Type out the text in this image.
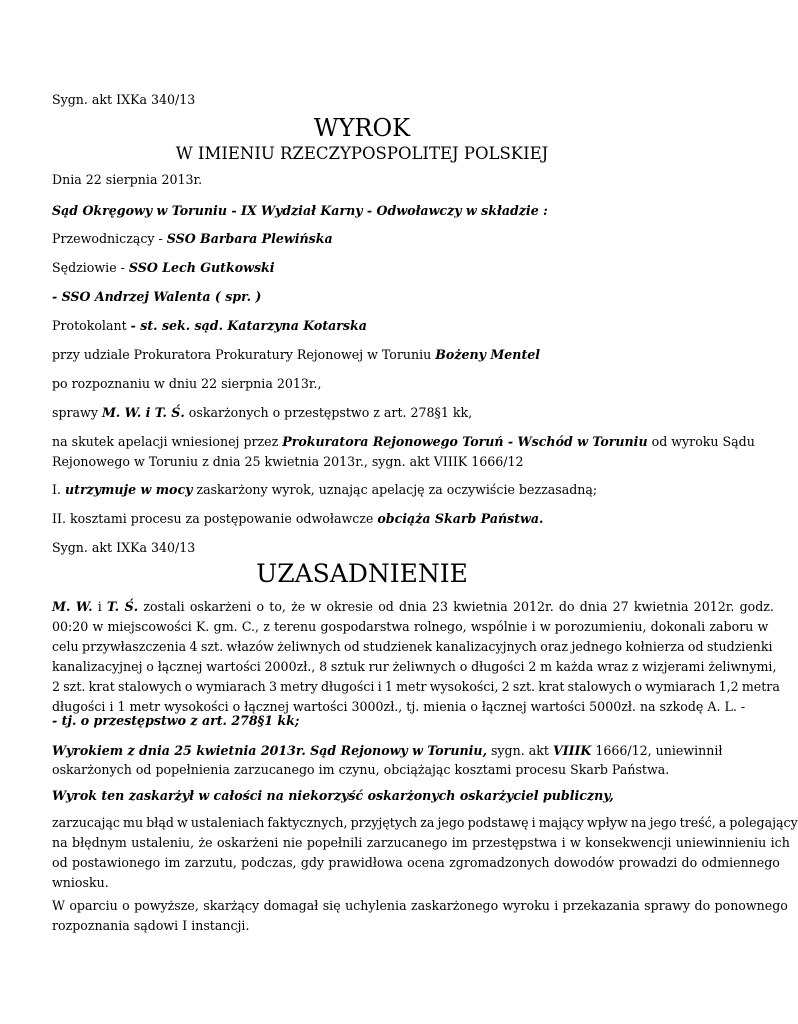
Sygn. akt IXKa 340/13
WYROK
W IMIENIU RZECZYPOSPOLITEJ POLSKIEJ
Dnia 22 sierpnia 2013r.
Sąd Okręgowy w Toruniu - IX Wydział Karny - Odwoławczy w składzie :
Przewodniczący - SSO Barbara Plewińska
Sędziowie - SSO Lech Gutkowski
- SSO Andrzej Walenta ( spr. )
Protokolant - st. sek. sąd. Katarzyna Kotarska
przy udziale Prokuratora Prokuratury Rejonowej w Toruniu Bożeny Mentel
po rozpoznaniu w dniu 22 sierpnia 2013r.,
sprawy M. W. i T. Ś. oskarżonych o przestępstwo z art. 278§1 kk,
na skutek apelacji wniesionej przez Prokuratora Rejonowego Toruń - Wschód w Toruniu od wyroku Sądu
Rejonowego w Toruniu z dnia 25 kwietnia 2013r., sygn. akt VIIIK 1666/12
I. utrzymuje w mocy zaskarżony wyrok, uznając apelację za oczywiście bezzasadną;
II. kosztami procesu za postępowanie odwoławcze obciąża Skarb Państwa.
Sygn. akt IXKa 340/13
UZASADNIENIE
M. W. i T. Ś. zostali oskarżeni o to, że w okresie od dnia 23 kwietnia 2012r. do dnia 27 kwietnia 2012r. godz.
00:20 w miejscowości K. gm. C., z terenu gospodarstwa rolnego, wspólnie i w porozumieniu, dokonali zaboru w
celu przywłaszczenia 4 szt. włazów żeliwnych od studzienek kanalizacyjnych oraz jednego kołnierza od studzienki
kanalizacyjnej o łącznej wartości 2000zł., 8 sztuk rur żeliwnych o długości 2 m każda wraz z wizjerami żeliwnymi,
2 szt. krat stalowych o wymiarach 3 metry długości i 1 metr wysokości, 2 szt. krat stalowych o wymiarach 1,2 metra
długości i 1 metr wysokości o łącznej wartości 3000zł., tj. mienia o łącznej wartości 5000zł. na szkodę A. L. -
- tj. o przestępstwo z art. 278§1 kk;
Wyrokiem z dnia 25 kwietnia 2013r. Sąd Rejonowy w Toruniu, sygn. akt VIIIK 1666/12, uniewinnił
oskarżonych od popełnienia zarzucanego im czynu, obciążając kosztami procesu Skarb Państwa.
Wyrok ten zaskarżył w całości na niekorzyść oskarżonych oskarżyciel publiczny,
zarzucając mu błąd w ustaleniach faktycznych, przyjętych za jego podstawę i mający wpływ na jego treść, a polegający
na błędnym ustaleniu, że oskarżeni nie popełnili zarzucanego im przestępstwa i w konsekwencji uniewinnieniu ich
od postawionego im zarzutu, podczas, gdy prawidłowa ocena zgromadzonych dowodów prowadzi do odmiennego
wniosku.
W oparciu o powyższe, skarżący domagał się uchylenia zaskarżonego wyroku i przekazania sprawy do ponownego
rozpoznania sądowi I instancji.
